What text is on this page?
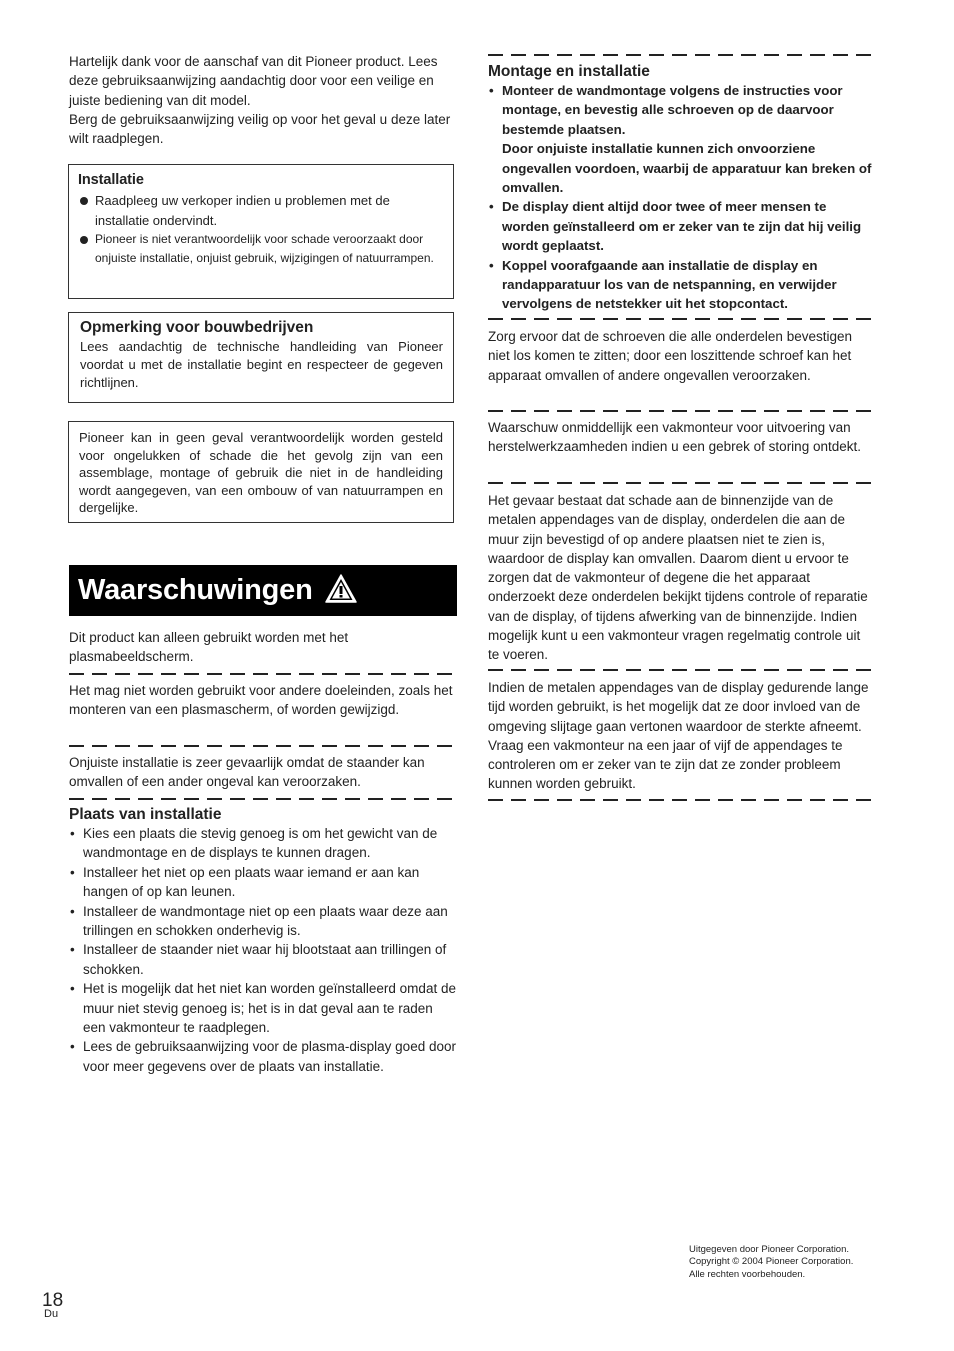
Hartelijk dank voor de aanschaf van dit Pioneer product. Lees deze gebruiksaanwijzing aandachtig door voor een veilige en juiste bediening van dit model.

Berg de gebruiksaanwijzing veilig op voor het geval u deze later wilt raadplegen.

Installatie
Raadpleeg uw verkoper indien u problemen met de installatie ondervindt.
Pioneer is niet verantwoordelijk voor schade veroorzaakt door onjuiste installatie, onjuist gebruik, wijzigingen of natuurrampen.
Opmerking voor bouwbedrijven

Lees aandachtig de technische handleiding van Pioneer voordat u met de installatie begint en respecteer de gegeven richtlijnen.

Pioneer kan in geen geval verantwoordelijk worden gesteld voor ongelukken of schade die het gevolg zijn van een assemblage, montage of gebruik die niet in de handleiding wordt aangegeven, van een ombouw of van natuurrampen en dergelijke.

Waarschuwingen

Dit product kan alleen gebruikt worden met het plasmabeeldscherm.

Het mag niet worden gebruikt voor andere doeleinden, zoals het monteren van een plasmascherm, of worden gewijzigd.

Onjuiste installatie is zeer gevaarlijk omdat de staander kan omvallen of een ander ongeval kan veroorzaken.

Plaats van installatie
• Kies een plaats die stevig genoeg is om het gewicht van de wandmontage en de displays te kunnen dragen.
• Installeer het niet op een plaats waar iemand er aan kan hangen of op kan leunen.
• Installeer de wandmontage niet op een plaats waar deze aan trillingen en schokken onderhevig is.
• Installeer de staander niet waar hij blootstaat aan trillingen of schokken.
• Het is mogelijk dat het niet kan worden geïnstalleerd omdat de muur niet stevig genoeg is; het is in dat geval aan te raden een vakmonteur te raadplegen.
• Lees de gebruiksaanwijzing voor de plasma-display goed door voor meer gegevens over de plaats van installatie.
Montage en installatie
• Monteer de wandmontage volgens de instructies voor montage, en bevestig alle schroeven op de daarvoor bestemde plaatsen.
Door onjuiste installatie kunnen zich onvoorziene ongevallen voordoen, waarbij de apparatuur kan breken of omvallen.
• De display dient altijd door twee of meer mensen te worden geïnstalleerd om er zeker van te zijn dat hij veilig wordt geplaatst.
• Koppel voorafgaande aan installatie de display en randapparatuur los van de netspanning, en verwijder vervolgens de netstekker uit het stopcontact.

Zorg ervoor dat de schroeven die alle onderdelen bevestigen niet los komen te zitten; door een loszittende schroef kan het apparaat omvallen of andere ongevallen veroorzaken.

Waarschuw onmiddellijk een vakmonteur voor uitvoering van herstelwerkzaamheden indien u een gebrek of storing ontdekt.

Het gevaar bestaat dat schade aan de binnenzijde van de metalen appendages van de display, onderdelen die aan de muur zijn bevestigd of op andere plaatsen niet te zien is, waardoor de display kan omvallen. Daarom dient u ervoor te zorgen dat de vakmonteur of degene die het apparaat onderzoekt deze onderdelen bekijkt tijdens controle of reparatie van de display, of tijdens afwerking van de binnenzijde. Indien mogelijk kunt u een vakmonteur vragen regelmatig controle uit te voeren.

Indien de metalen appendages van de display gedurende lange tijd worden gebruikt, is het mogelijk dat ze door invloed van de omgeving slijtage gaan vertonen waardoor de sterkte afneemt. Vraag een vakmonteur na een jaar of vijf de appendages te controleren om er zeker van te zijn dat ze zonder probleem kunnen worden gebruikt.

Uitgegeven door Pioneer Corporation.
Copyright © 2004 Pioneer Corporation.
Alle rechten voorbehouden.
18
Du
